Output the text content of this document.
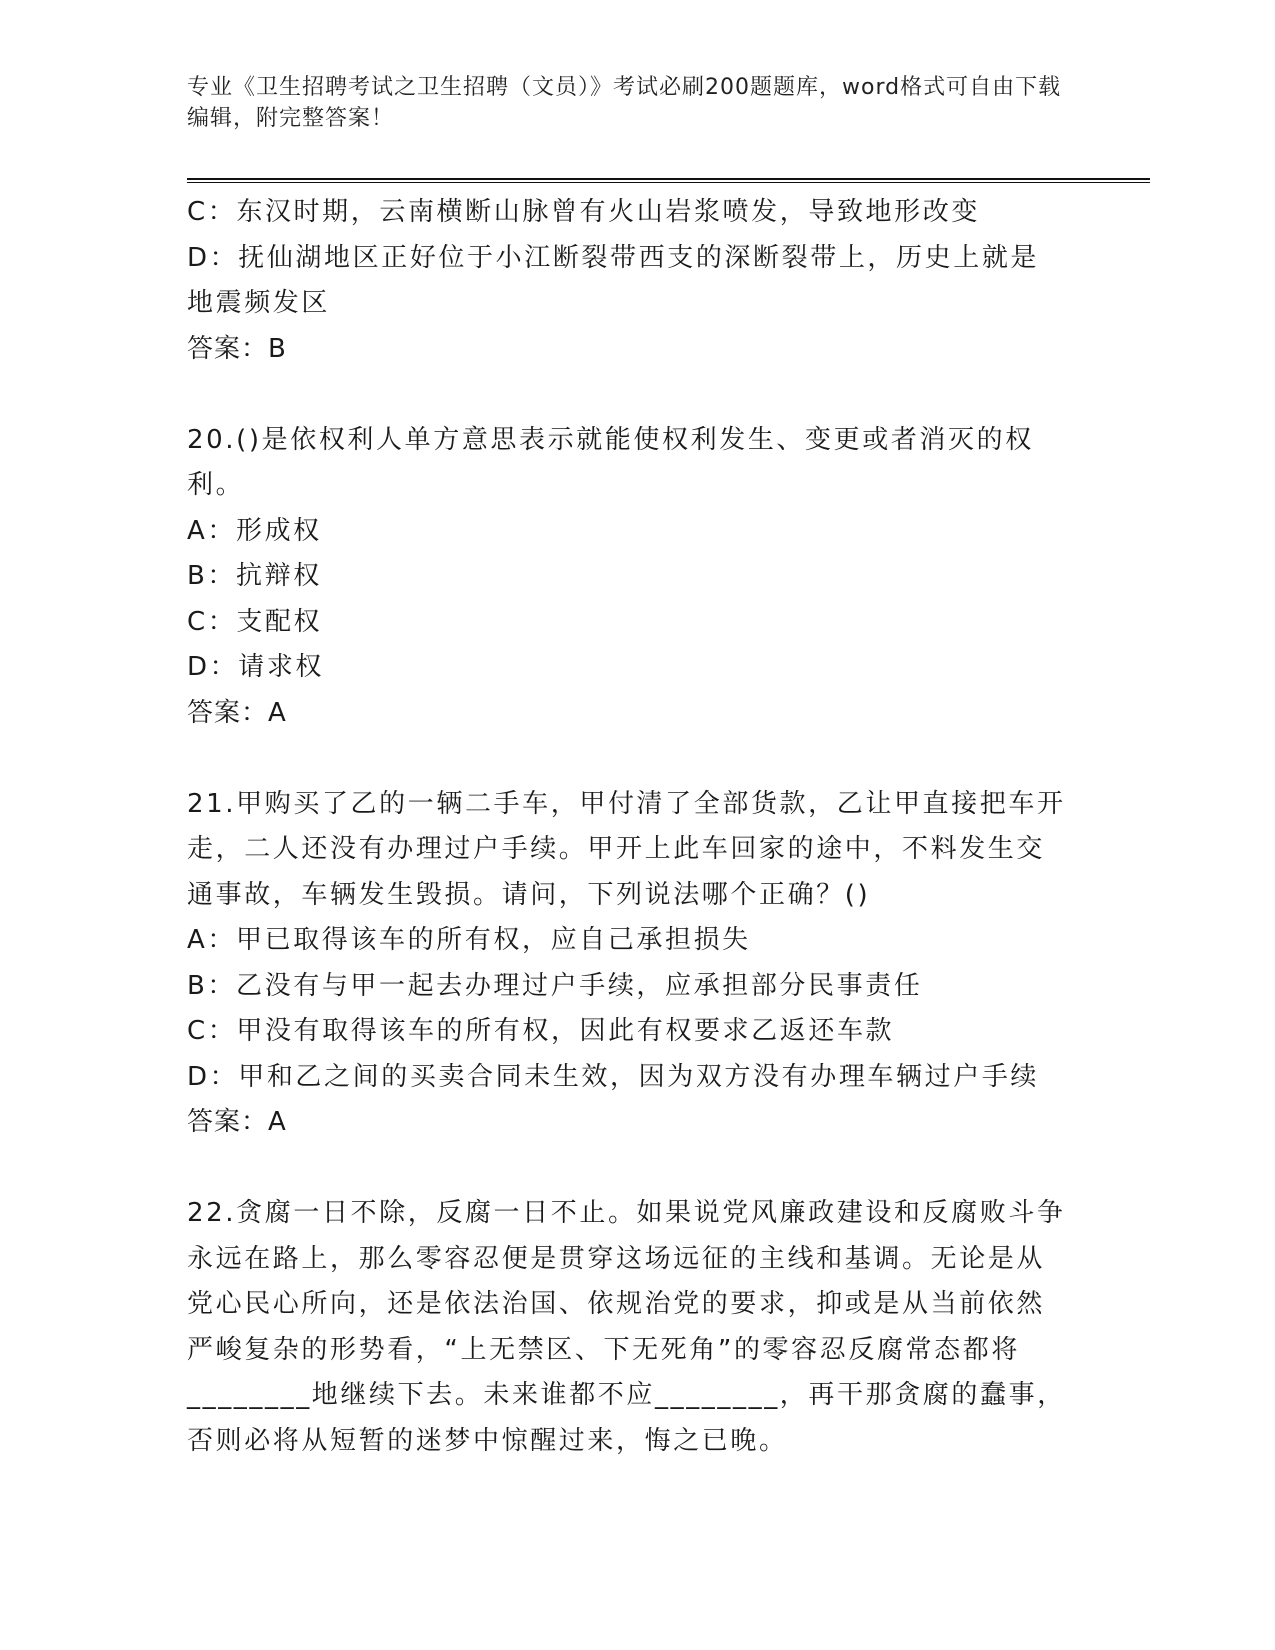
专业《卫生招聘考试之卫生招聘（文员）》考试必刷200题题库，word格式可自由下载编辑，附完整答案！

C：东汉时期，云南横断山脉曾有火山岩浆喷发，导致地形改变

D：抚仙湖地区正好位于小江断裂带西支的深断裂带上，历史上就是地震频发区

答案：B

20.()是依权利人单方意思表示就能使权利发生、变更或者消灭的权利。

A：形成权

B：抗辩权

C：支配权

D：请求权

答案：A

21.甲购买了乙的一辆二手车，甲付清了全部货款，乙让甲直接把车开走，二人还没有办理过户手续。甲开上此车回家的途中，不料发生交通事故，车辆发生毁损。请问，下列说法哪个正确？()

A：甲已取得该车的所有权，应自己承担损失

B：乙没有与甲一起去办理过户手续，应承担部分民事责任

C：甲没有取得该车的所有权，因此有权要求乙返还车款

D：甲和乙之间的买卖合同未生效，因为双方没有办理车辆过户手续

答案：A

22.贪腐一日不除，反腐一日不止。如果说党风廉政建设和反腐败斗争永远在路上，那么零容忍便是贯穿这场远征的主线和基调。无论是从党心民心所向，还是依法治国、依规治党的要求，抑或是从当前依然严峻复杂的形势看，“上无禁区、下无死角”的零容忍反腐常态都将________地继续下去。未来谁都不应________，再干那贪腐的蠢事，否则必将从短暂的迷梦中惊醒过来，悔之已晚。
